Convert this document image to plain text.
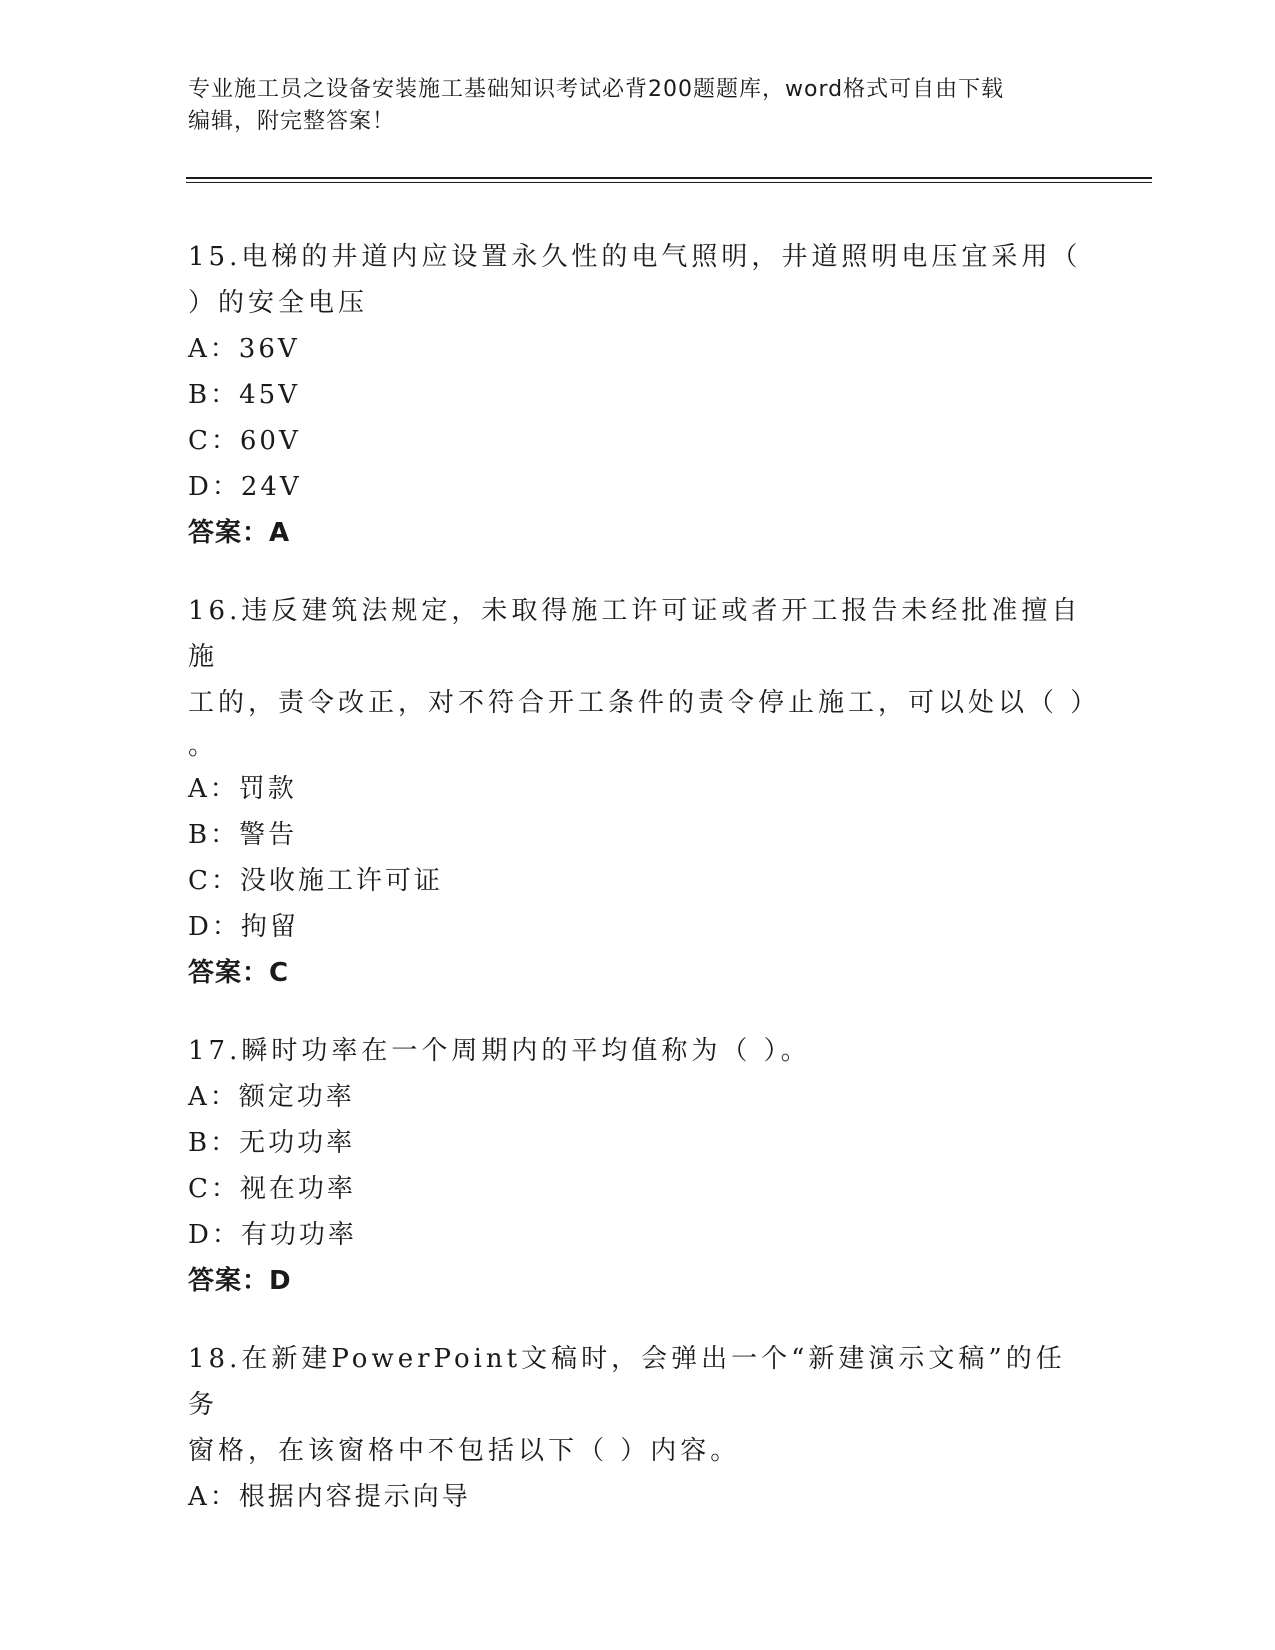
专业施工员之设备安装施工基础知识考试必背200题题库，word格式可自由下载
编辑，附完整答案！

15.电梯的井道内应设置永久性的电气照明，井道照明电压宜采用（

）的安全电压

A：36V

B：45V

C：60V

D：24V

答案：A

16.违反建筑法规定，未取得施工许可证或者开工报告未经批准擅自施

工的，责令改正，对不符合开工条件的责令停止施工，可以处以（ ）

。

A：罚款

B：警告

C：没收施工许可证

D：拘留

答案：C

17.瞬时功率在一个周期内的平均值称为（ ）。

A：额定功率

B：无功功率

C：视在功率

D：有功功率

答案：D

18.在新建PowerPoint文稿时，会弹出一个“新建演示文稿”的任务

窗格，在该窗格中不包括以下（ ）内容。

A：根据内容提示向导
